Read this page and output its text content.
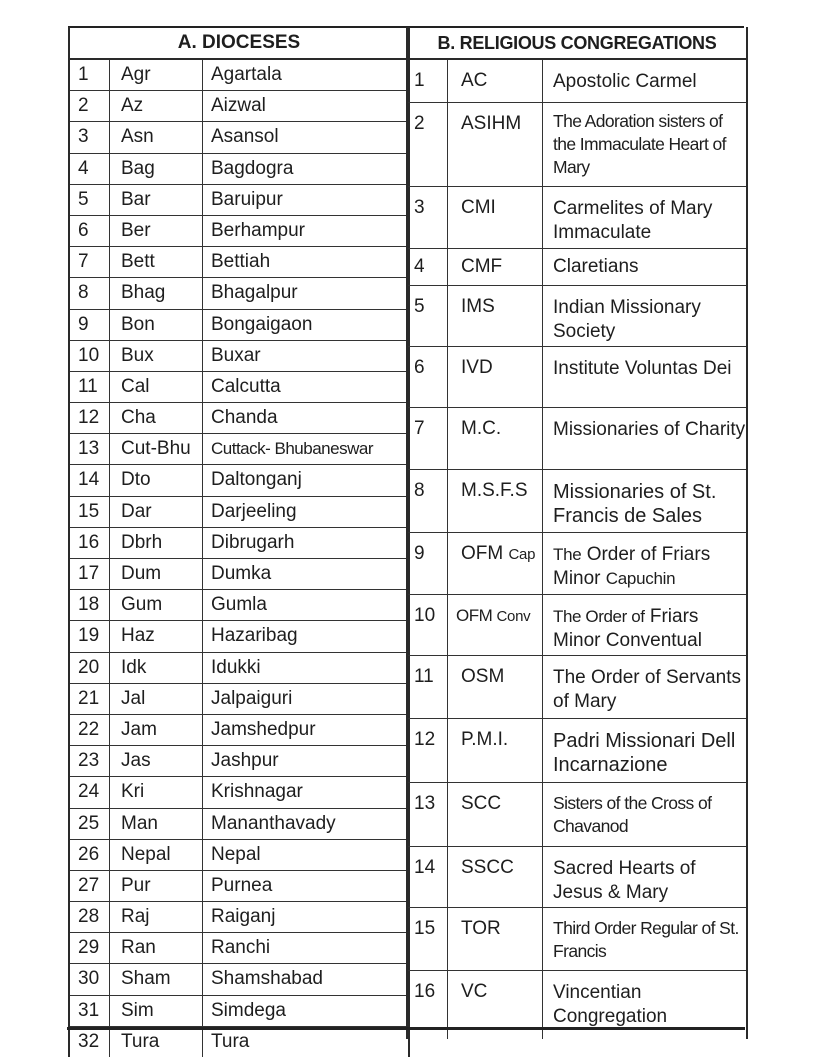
A. DIOCESES
1	Agr	Agartala
2	Az	Aizwal
3	Asn	Asansol
4	Bag	Bagdogra
5	Bar	Baruipur
6	Ber	Berhampur
7	Bett	Bettiah
8	Bhag	Bhagalpur
9	Bon	Bongaigaon
10	Bux	Buxar
11	Cal	Calcutta
12	Cha	Chanda
13	Cut-Bhu	Cuttack- Bhubaneswar
14	Dto	Daltonganj
15	Dar	Darjeeling
16	Dbrh	Dibrugarh
17	Dum	Dumka
18	Gum	Gumla
19	Haz	Hazaribag
20	Idk	Idukki
21	Jal	Jalpaiguri
22	Jam	Jamshedpur
23	Jas	Jashpur
24	Kri	Krishnagar
25	Man	Mananthavady
26	Nepal	Nepal
27	Pur	Purnea
28	Raj	Raiganj
29	Ran	Ranchi
30	Sham	Shamshabad
31	Sim	Simdega
32	Tura	Tura
B. RELIGIOUS CONGREGATIONS
1	AC	Apostolic Carmel
2	ASIHM	The Adoration sisters of the Immaculate Heart of Mary
3	CMI	Carmelites of Mary Immaculate
4	CMF	Claretians
5	IMS	Indian Missionary Society
6	IVD	Institute Voluntas Dei
7	M.C.	Missionaries of Charity
8	M.S.F.S	Missionaries of St. Francis de Sales
9	OFM Cap	The Order of Friars Minor Capuchin
10	OFM Conv	The Order of Friars Minor Conventual
11	OSM	The Order of Servants of Mary
12	P.M.I.	Padri Missionari Dell Incarnazione
13	SCC	Sisters of the Cross of Chavanod
14	SSCC	Sacred Hearts of Jesus & Mary
15	TOR	Third Order Regular of St. Francis
16	VC	Vincentian Congregation
